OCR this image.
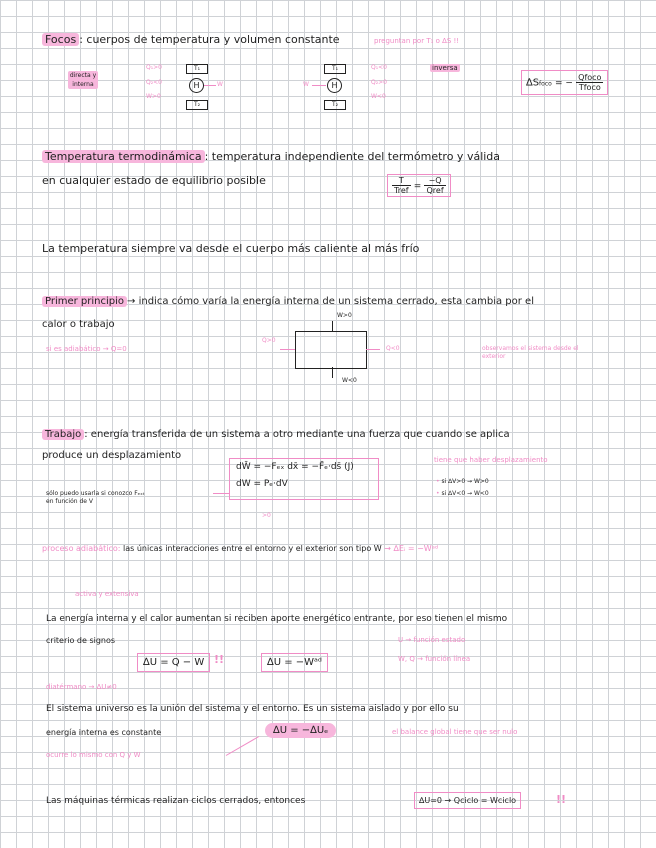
Focos : cuerpos de temperatura y volumen constante	preguntan por T₁ o ∆S !!

directa y
interna

Q₁>0
Q₂<0
W>0
T₁
H	W
T₂
T₁
W	H
T₂
Q₁<0
Q₂>0
W<0
inversa
∆Sfoco = − $\frac{\text{Qfoco}}{\text{Tfoco}}$
Temperatura termodinámica : temperatura independiente del termómetro y válida
en cualquier estado de equilibrio posible	$\frac{T}{\text{Tref}} = \frac{-Q}{\text{Qref}}$
La temperatura siempre va desde el cuerpo más caliente al más frío
Primer principio → indica cómo varía la energía interna de un sistema cerrado, esta cambia por el
calor o trabajo
si es adiabático → Q=0
W>0
W<0
Q>0
Q<0	observamos el sistema desde el
exterior
Trabajo : energía transferida de un sistema a otro mediante una fuerza que cuando se aplica
produce un desplazamiento	tiene que haber desplazamiento
dW̄ = −Fₑₓ dx̄ = −F̄ₑ·ds̄ (J)
dW = Pₑ·dV
>0
sólo puedo usarla si conozco Fₑₓₜ
en función de V
• si ∆V>0 → W>0
• si ∆V<0 → W<0
proceso adiabático: las únicas interacciones entre el entorno y el exterior son tipo W → ∆Eᵢ = −Wᵃᵈ
activa y extensiva
La energía interna y el calor aumentan si reciben aporte energético entrante, por eso tienen el mismo
criterio de signos	U → función estado
W, Q → función línea
∆U = Q − W !!	∆U = −Wᵃᵈ
diatérmano → ∆U≠0
El sistema universo es la unión del sistema y el entorno. Es un sistema aislado y por ello su
energía interna es constante	∆U = −∆Uₑ	el balance global tiene que ser nulo
ocurre lo mismo con Q y W
Las máquinas térmicas realizan ciclos cerrados, entonces	∆U=0 → Qciclo = Wciclo	!!
